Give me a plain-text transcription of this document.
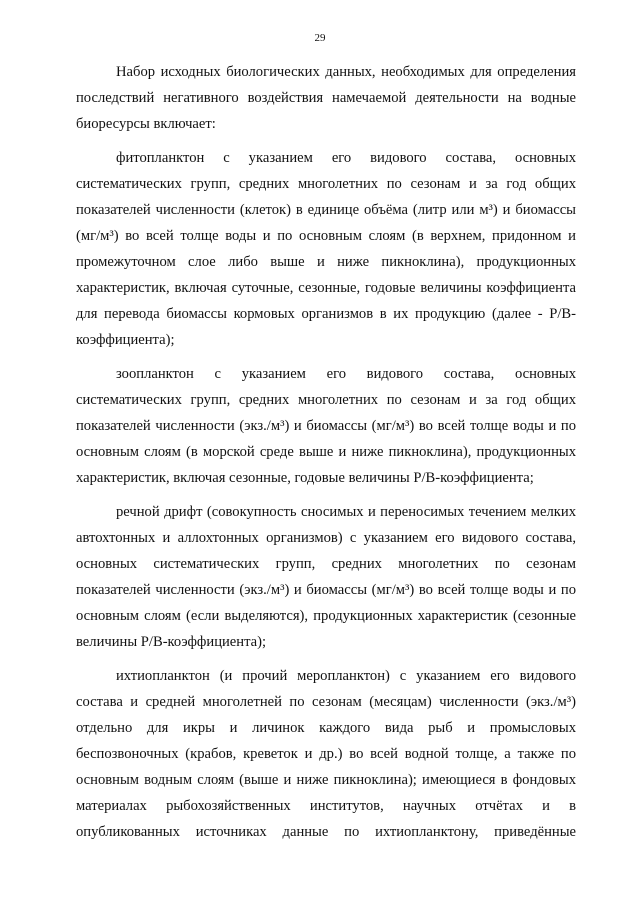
29

Набор исходных биологических данных, необходимых для определения последствий негативного воздействия намечаемой деятельности на водные биоресурсы включает:

фитопланктон с указанием его видового состава, основных систематических групп, средних многолетних по сезонам и за год общих показателей численности (клеток) в единице объёма (литр или м³) и биомассы (мг/м³) во всей толще воды и по основным слоям (в верхнем, придонном и промежуточном слое либо выше и ниже пикноклина), продукционных характеристик, включая суточные, сезонные, годовые величины коэффициента для перевода биомассы кормовых организмов в их продукцию (далее - P/B-коэффициента);

зоопланктон с указанием его видового состава, основных систематических групп, средних многолетних по сезонам и за год общих показателей численности (экз./м³) и биомассы (мг/м³) во всей толще воды и по основным слоям (в морской среде выше и ниже пикноклина), продукционных характеристик, включая сезонные, годовые величины P/B-коэффициента;

речной дрифт (совокупность сносимых и переносимых течением мелких автохтонных и аллохтонных организмов) с указанием его видового состава, основных систематических групп, средних многолетних по сезонам показателей численности (экз./м³) и биомассы (мг/м³) во всей толще воды и по основным слоям (если выделяются), продукционных характеристик (сезонные величины P/B-коэффициента);

ихтиопланктон (и прочий меропланктон) с указанием его видового состава и средней многолетней по сезонам (месяцам) численности (экз./м³) отдельно для икры и личинок каждого вида рыб и промысловых беспозвоночных (крабов, креветок и др.) во всей водной толще, а также по основным водным слоям (выше и ниже пикноклина); имеющиеся в фондовых материалах рыбохозяйственных институтов, научных отчётах и в опубликованных источниках данные по ихтиопланктону, приведённые
